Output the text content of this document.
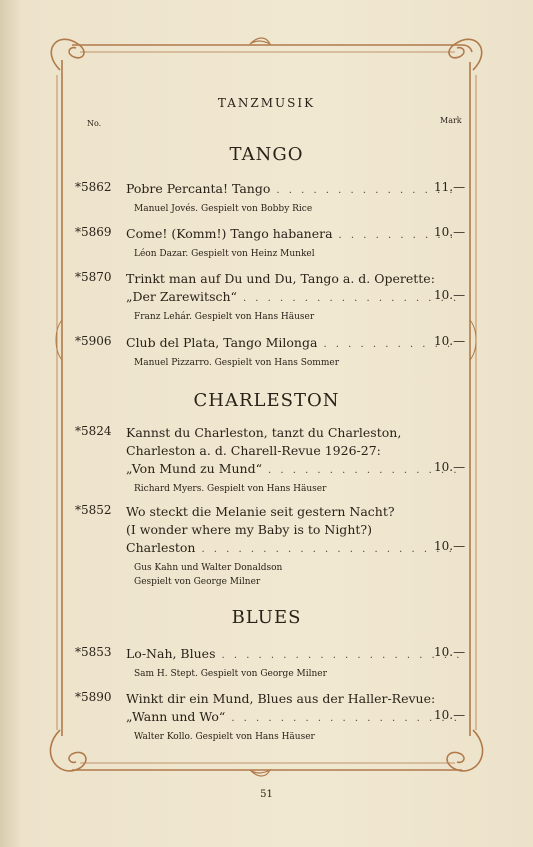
TANZMUSIK
No.	Mark
TANGO
*5862 Pobre Percanta! Tango
. . .
Manuel Jovés. Gespielt von Bobby Rice
11.—
*5869 Come! (Komm!) Tango habanera
. . .
Léon Dazar. Gespielt von Heinz Munkel
10.—
*5870 Trinkt man auf Du und Du, Tango a. d. Operette:
„Der Zarewitsch“
. . .
Franz Lehár. Gespielt von Hans Häuser
10.—
*5906 Club del Plata, Tango Milonga
. . .
Manuel Pizzarro. Gespielt von Hans Sommer
10.—
CHARLESTON
*5824 Kannst du Charleston, tanzt du Charleston,
Charleston a. d. Charell-Revue 1926-27:
„Von Mund zu Mund“
. . .
Richard Myers. Gespielt von Hans Häuser
10.—
*5852 Wo steckt die Melanie seit gestern Nacht?
(I wonder where my Baby is to Night?)
Charleston
. . .
Gus Kahn und Walter Donaldson
Gespielt von George Milner
10.—
BLUES
*5853 Lo-Nah, Blues
. . .
Sam H. Stept. Gespielt von George Milner
10.—
*5890 Winkt dir ein Mund, Blues aus der Haller-Revue:
„Wann und Wo“
. . .
Walter Kollo. Gespielt von Hans Häuser
10.—
51
